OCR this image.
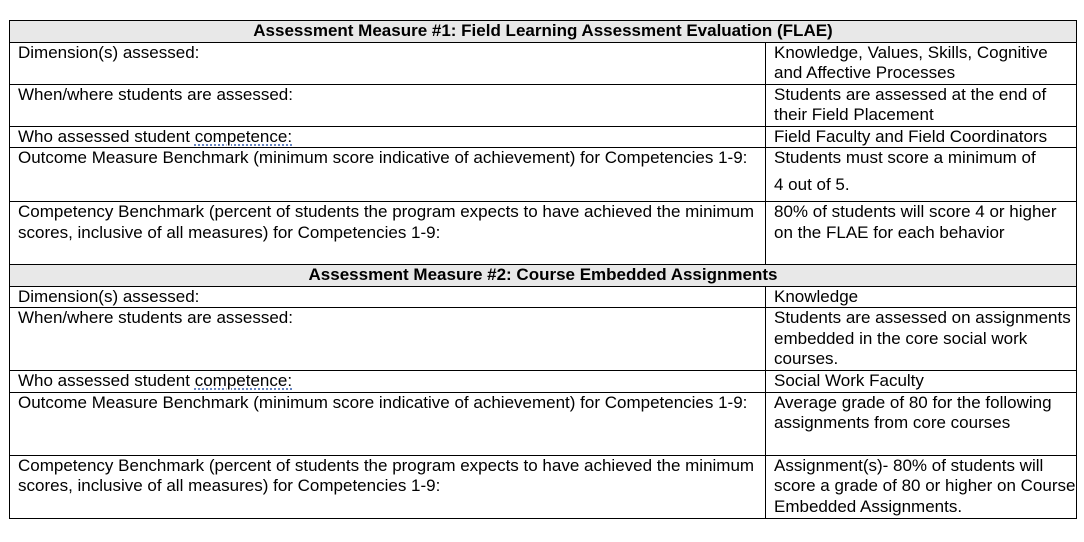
Assessment Measure #1: Field Learning Assessment Evaluation (FLAE)	
Dimension(s) assessed:	Knowledge, Values, Skills, Cognitive and Affective Processes
When/where students are assessed:	Students are assessed at the end of their Field Placement
Who assessed student competence:	Field Faculty and Field Coordinators
Outcome Measure Benchmark (minimum score indicative of achievement) for Competencies 1-9:	Students must score a minimum of
4 out of 5.
Competency Benchmark (percent of students the program expects to have achieved the minimum scores, inclusive of all measures) for Competencies 1-9:	80% of students will score 4 or higher on the FLAE for each behavior
Assessment Measure #2: Course Embedded Assignments	
Dimension(s) assessed:	Knowledge
When/where students are assessed:	Students are assessed on assignments embedded in the core social work courses.
Who assessed student competence:	Social Work Faculty
Outcome Measure Benchmark (minimum score indicative of achievement) for Competencies 1-9:	Average grade of 80 for the following assignments from core courses
Competency Benchmark (percent of students the program expects to have achieved the minimum scores, inclusive of all measures) for Competencies 1-9:	Assignment(s)- 80% of students will score a grade of 80 or higher on Course Embedded Assignments.
